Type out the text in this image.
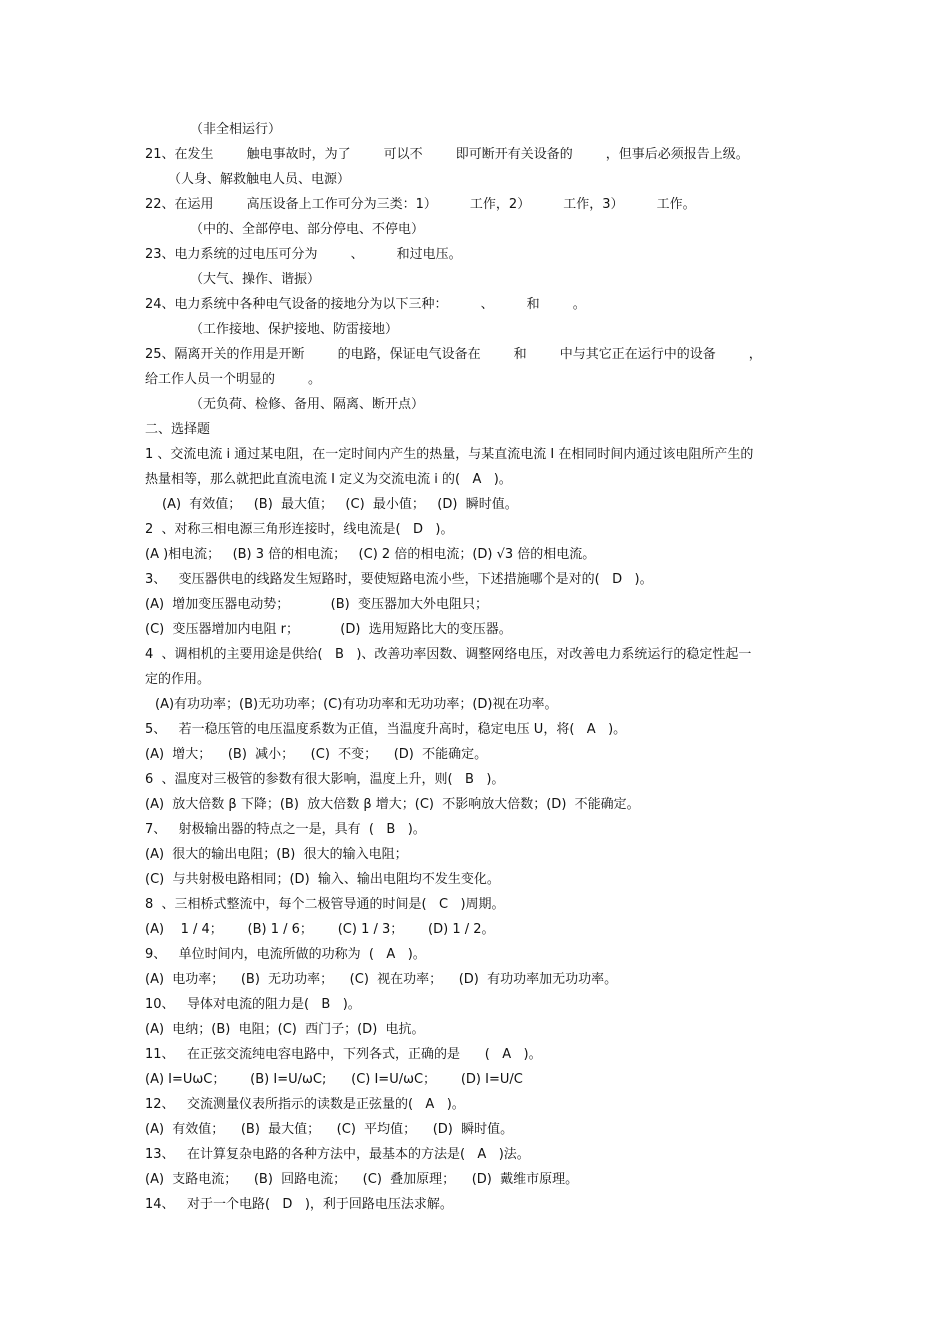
（非全相运行）
21、在发生        触电事故时，为了        可以不        即可断开有关设备的        ，但事后必须报告上级。
（人身、解救触电人员、电源）
22、在运用        高压设备上工作可分为三类：1）        工作，2）        工作，3）        工作。
（中的、全部停电、部分停电、不停电）
23、电力系统的过电压可分为        、        和过电压。
（大气、操作、谐振）
24、电力系统中各种电气设备的接地分为以下三种：        、        和        。
（工作接地、保护接地、防雷接地）
25、隔离开关的作用是开断        的电路，保证电气设备在        和        中与其它正在运行中的设备        ，
给工作人员一个明显的        。
（无负荷、检修、备用、隔离、断开点）
二、选择题
1 、交流电流 i 通过某电阻，在一定时间内产生的热量，与某直流电流 I 在相同时间内通过该电阻所产生的
热量相等，那么就把此直流电流 I 定义为交流电流 i 的(   A   )。
(A)  有效值；   (B)  最大值；   (C)  最小值；   (D)  瞬时值。
2  、对称三相电源三角形连接时，线电流是(   D   )。
(A )相电流；   (B) 3 倍的相电流；   (C) 2 倍的相电流；(D) √3 倍的相电流。
3、   变压器供电的线路发生短路时，要使短路电流小些，下述措施哪个是对的(   D   )。
(A)  增加变压器电动势；          (B)  变压器加大外电阻只；
(C)  变压器增加内电阻 r；          (D)  选用短路比大的变压器。
4  、调相机的主要用途是供给(   B   )、改善功率因数、调整网络电压，对改善电力系统运行的稳定性起一
定的作用。
(A)有功功率；(B)无功功率；(C)有功功率和无功功率；(D)视在功率。
5、   若一稳压管的电压温度系数为正值，当温度升高时，稳定电压 U，将(   A   )。
(A)  增大；    (B)  减小；    (C)  不变；    (D)  不能确定。
6  、温度对三极管的参数有很大影响，温度上升，则(   B   )。
(A)  放大倍数 β 下降；(B)  放大倍数 β 增大；(C)  不影响放大倍数；(D)  不能确定。
7、   射极输出器的特点之一是，具有  (   B   )。
(A)  很大的输出电阻；(B)  很大的输入电阻；
(C)  与共射极电路相同；(D)  输入、输出电阻均不发生变化。
8  、三相桥式整流中，每个二极管导通的时间是(   C   )周期。
(A)    1 / 4；      (B) 1 / 6；      (C) 1 / 3；      (D) 1 / 2。
9、   单位时间内，电流所做的功称为  (   A   )。
(A)  电功率；    (B)  无功功率；    (C)  视在功率；    (D)  有功功率加无功功率。
10、   导体对电流的阻力是(   B   )。
(A)  电纳；(B)  电阻；(C)  西门子；(D)  电抗。
11、   在正弦交流纯电容电路中，下列各式，正确的是      (   A   )。
(A) I=UωC；      (B) I=U/ωC;      (C) I=U/ωC；      (D) I=U/C
12、   交流测量仪表所指示的读数是正弦量的(   A   )。
(A)  有效值；    (B)  最大值；    (C)  平均值；    (D)  瞬时值。
13、   在计算复杂电路的各种方法中，最基本的方法是(   A   )法。
(A)  支路电流；    (B)  回路电流；    (C)  叠加原理；    (D)  戴维市原理。
14、   对于一个电路(   D   )，利于回路电压法求解。
